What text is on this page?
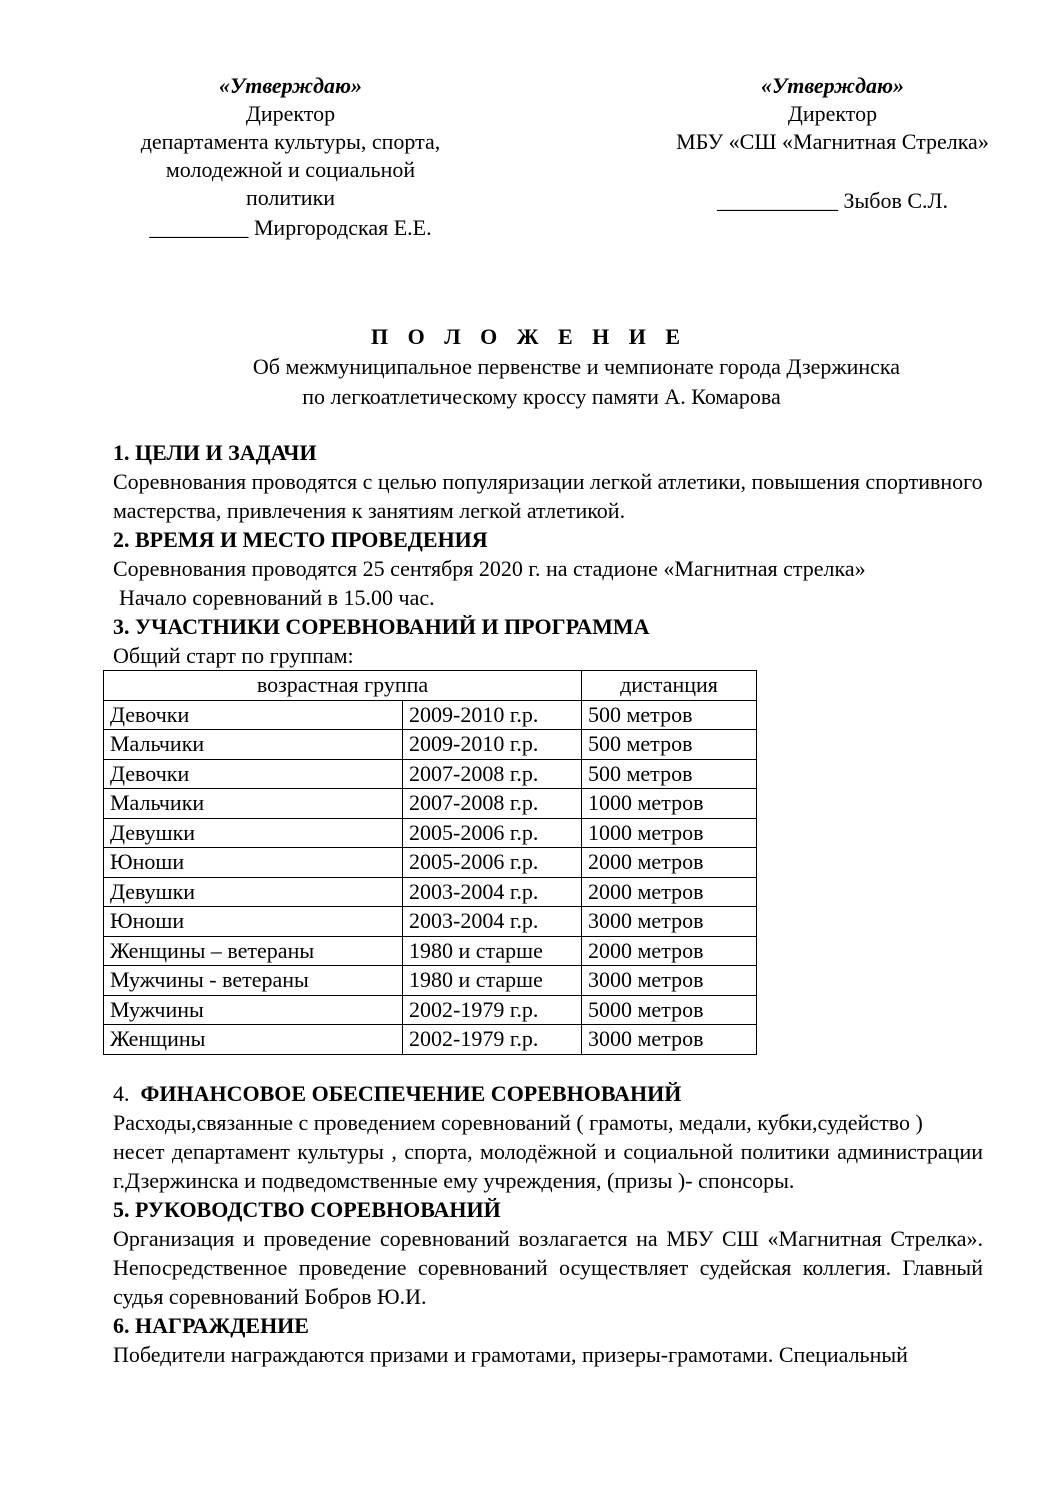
«Утверждаю»
Директор
департамента культуры, спорта,
молодежной и социальной
политики
_________ Миргородская Е.Е.
«Утверждаю»
Директор
МБУ «СШ «Магнитная Стрелка»
___________ Зыбов С.Л.
П О Л О Ж Е Н И Е
Об межмуниципальное первенстве и чемпионате города Дзержинска
по легкоатлетическому кроссу памяти А. Комарова

1. ЦЕЛИ И ЗАДАЧИ

Соревнования проводятся с целью популяризации легкой атлетики, повышения спортивного мастерства, привлечения к занятиям легкой атлетикой.

2. ВРЕМЯ И МЕСТО ПРОВЕДЕНИЯ

Соревнования проводятся 25 сентября 2020 г. на стадионе «Магнитная стрелка»

Начало соревнований в 15.00 час.

3. УЧАСТНИКИ СОРЕВНОВАНИЙ И ПРОГРАММА

Общий старт по группам:

возрастная группа		дистанция
Девочки	2009-2010 г.р.	500 метров
Мальчики	2009-2010 г.р.	500 метров
Девочки	2007-2008 г.р.	500 метров
Мальчики	2007-2008 г.р.	1000 метров
Девушки	2005-2006 г.р.	1000 метров
Юноши	2005-2006 г.р.	2000 метров
Девушки	2003-2004 г.р.	2000 метров
Юноши	2003-2004 г.р.	3000 метров
Женщины – ветераны	1980 и старше	2000 метров
Мужчины - ветераны	1980 и старше	3000 метров
Мужчины	2002-1979 г.р.	5000 метров
Женщины	2002-1979 г.р.	3000 метров

4. ФИНАНСОВОЕ ОБЕСПЕЧЕНИЕ СОРЕВНОВАНИЙ

Расходы,связанные с проведением соревнований ( грамоты, медали, кубки,судейство )

несет департамент культуры , спорта, молодёжной и социальной политики администрации г.Дзержинска и подведомственные ему учреждения, (призы )- спонсоры.

5. РУКОВОДСТВО СОРЕВНОВАНИЙ

Организация и проведение соревнований возлагается на МБУ СШ «Магнитная Стрелка». Непосредственное проведение соревнований осуществляет судейская коллегия. Главный судья соревнований Бобров Ю.И.

6. НАГРАЖДЕНИЕ

Победители награждаются призами и грамотами, призеры-грамотами. Специальный
